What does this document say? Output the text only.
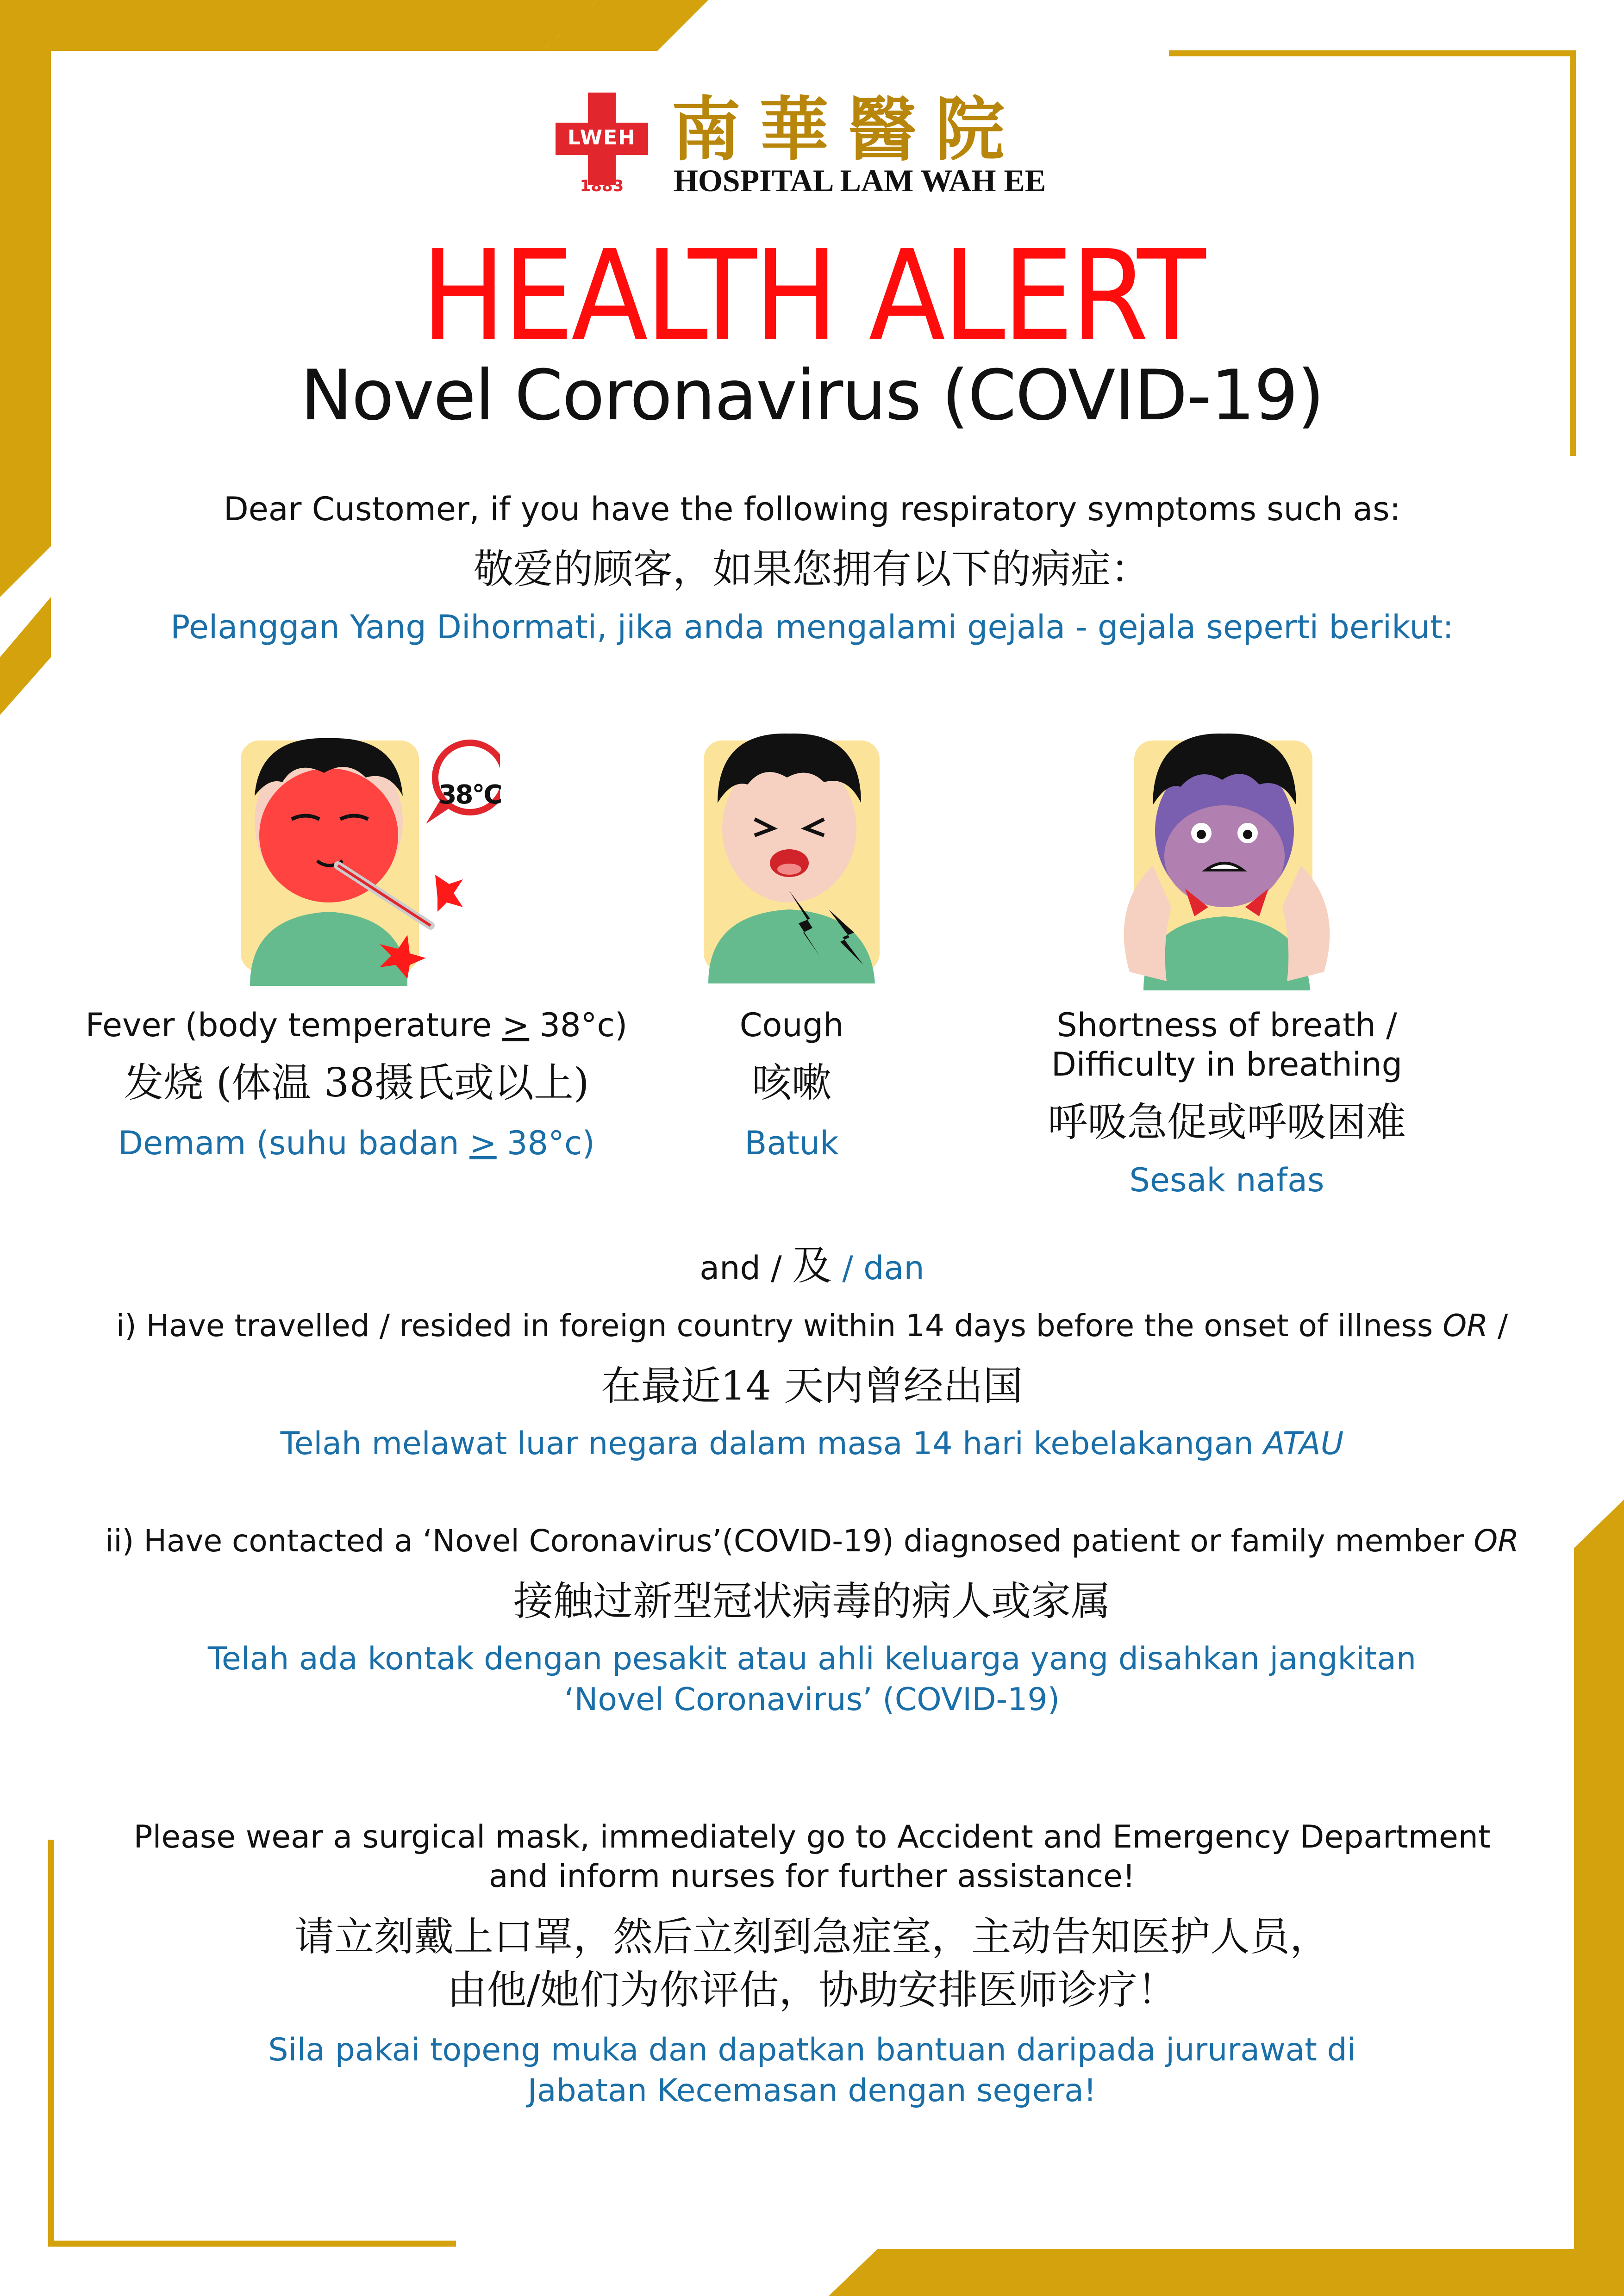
LWEH
1883
南華醫院
HOSPITAL LAM WAH EE
HEALTH ALERT
Novel Coronavirus (COVID-19)
Dear Customer, if you have the following respiratory symptoms such as:
敬爱的顾客，如果您拥有以下的病症：
Pelanggan Yang Dihormati, jika anda mengalami gejala - gejala seperti berikut:
38°C
Fever (body temperature > 38°c)
发烧 (体温 38摄氏或以上)
Demam (suhu badan > 38°c)
Cough
咳嗽
Batuk
Shortness of breath /
Difficulty in breathing
呼吸急促或呼吸困难
Sesak nafas
and / 及 / dan
i) Have travelled / resided in foreign country within 14 days before the onset of illness OR /
在最近14 天内曾经出国
Telah melawat luar negara dalam masa 14 hari kebelakangan ATAU
ii) Have contacted a ‘Novel Coronavirus’(COVID-19) diagnosed patient or family member OR
接触过新型冠状病毒的病人或家属
Telah ada kontak dengan pesakit atau ahli keluarga yang disahkan jangkitan
‘Novel Coronavirus’ (COVID-19)
Please wear a surgical mask, immediately go to Accident and Emergency Department
and inform nurses for further assistance!
请立刻戴上口罩，然后立刻到急症室，主动告知医护人员，
由他/她们为你评估，协助安排医师诊疗！
Sila pakai topeng muka dan dapatkan bantuan daripada jururawat di
Jabatan Kecemasan dengan segera!
